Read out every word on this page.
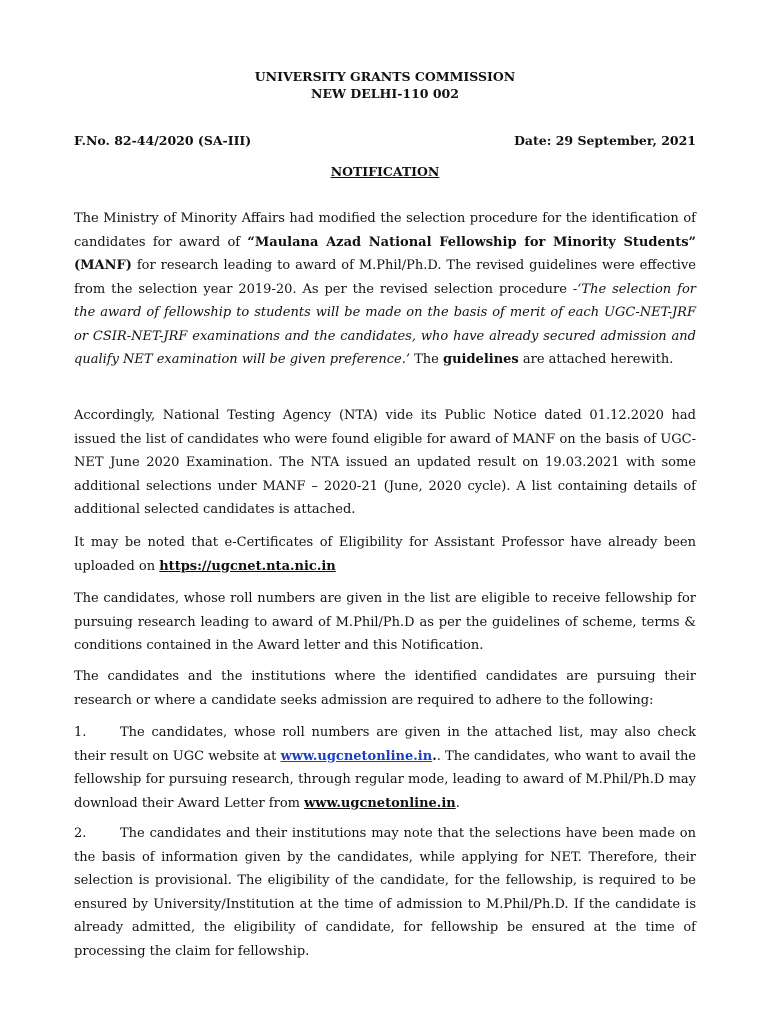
UNIVERSITY GRANTS COMMISSION
NEW DELHI-110 002
F.No. 82-44/2020 (SA-III)	Date: 29 September, 2021
NOTIFICATION
The Ministry of Minority Affairs had modified the selection procedure for the identification of candidates for award of “Maulana Azad National Fellowship for Minority Students” (MANF) for research leading to award of M.Phil/Ph.D. The revised guidelines were effective from the selection year 2019-20. As per the revised selection procedure -‘The selection for the award of fellowship to students will be made on the basis of merit of each UGC-NET-JRF or CSIR-NET-JRF examinations and the candidates, who have already secured admission and qualify NET examination will be given preference.’ The guidelines are attached herewith.
Accordingly, National Testing Agency (NTA) vide its Public Notice dated 01.12.2020 had issued the list of candidates who were found eligible for award of MANF on the basis of UGC-NET June 2020 Examination. The NTA issued an updated result on 19.03.2021 with some additional selections under MANF – 2020-21 (June, 2020 cycle). A list containing details of additional selected candidates is attached.
It may be noted that e-Certificates of Eligibility for Assistant Professor have already been uploaded on https://ugcnet.nta.nic.in
The candidates, whose roll numbers are given in the list are eligible to receive fellowship for pursuing research leading to award of M.Phil/Ph.D as per the guidelines of scheme, terms & conditions contained in the Award letter and this Notification.
The candidates and the institutions where the identified candidates are pursuing their research or where a candidate seeks admission are required to adhere to the following:
1.	The candidates, whose roll numbers are given in the attached list, may also check their result on UGC website at www.ugcnetonline.in.. The candidates, who want to avail the fellowship for pursuing research, through regular mode, leading to award of M.Phil/Ph.D may download their Award Letter from www.ugcnetonline.in.
2.	The candidates and their institutions may note that the selections have been made on the basis of information given by the candidates, while applying for NET. Therefore, their selection is provisional. The eligibility of the candidate, for the fellowship, is required to be ensured by University/Institution at the time of admission to M.Phil/Ph.D. If the candidate is already admitted, the eligibility of candidate, for fellowship be ensured at the time of processing the claim for fellowship.
